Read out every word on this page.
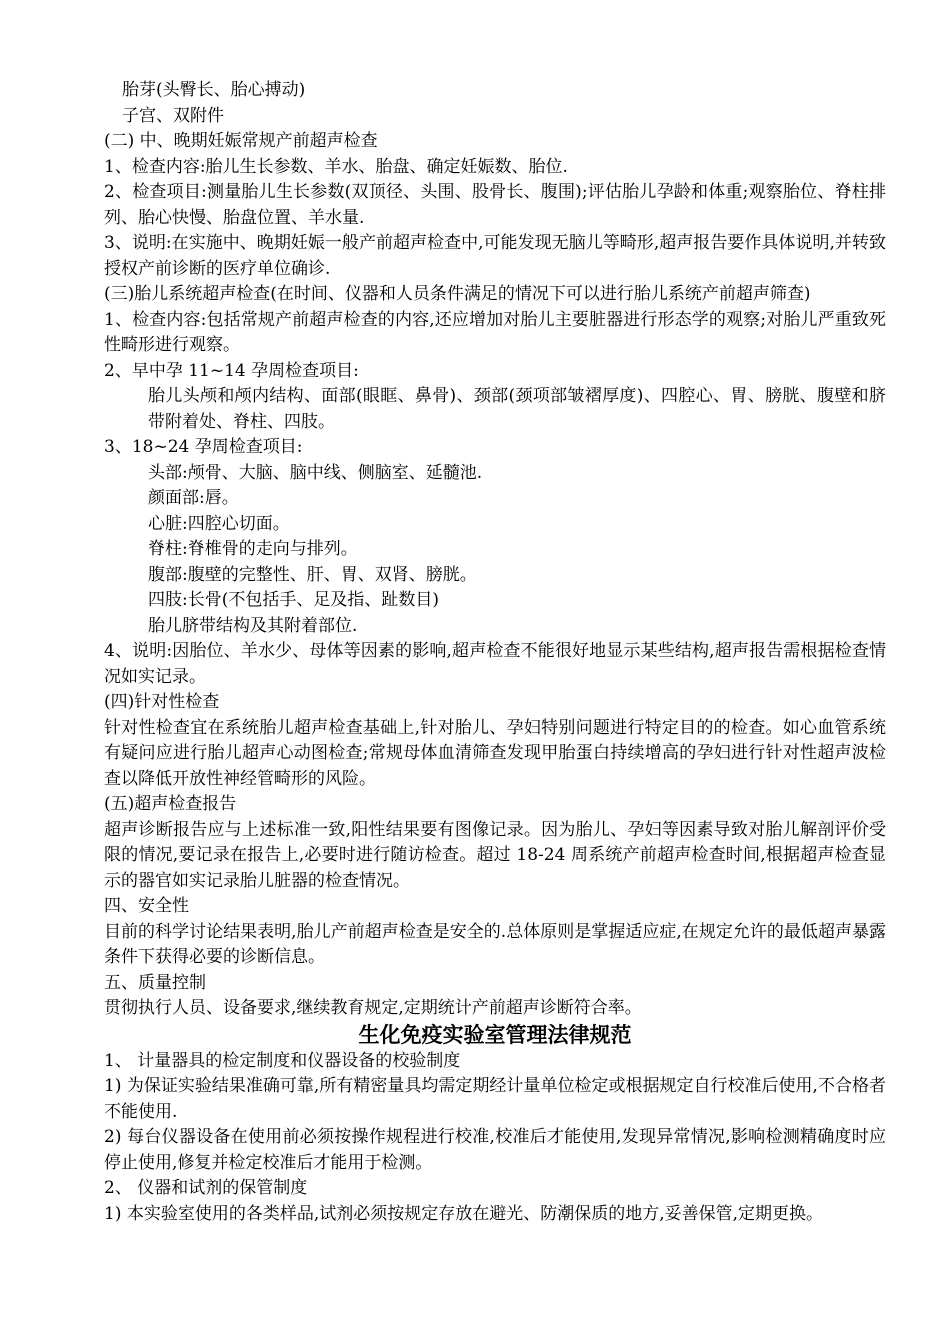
胎芽(头臀长、胎心搏动)

子宫、双附件

(二) 中、晚期妊娠常规产前超声检查

1、检查内容:胎儿生长参数、羊水、胎盘、确定妊娠数、胎位.

2、检查项目:测量胎儿生长参数(双顶径、头围、股骨长、腹围);评估胎儿孕龄和体重;观察胎位、脊柱排列、胎心快慢、胎盘位置、羊水量.

3、说明:在实施中、晚期妊娠一般产前超声检查中,可能发现无脑儿等畸形,超声报告要作具体说明,并转致授权产前诊断的医疗单位确诊.

(三)胎儿系统超声检查(在时间、仪器和人员条件满足的情况下可以进行胎儿系统产前超声筛查)

1、检查内容:包括常规产前超声检查的内容,还应增加对胎儿主要脏器进行形态学的观察;对胎儿严重致死性畸形进行观察。

2、早中孕 11~14 孕周检查项目:

胎儿头颅和颅内结构、面部(眼眶、鼻骨)、颈部(颈项部皱褶厚度)、四腔心、胃、膀胱、腹壁和脐带附着处、脊柱、四肢。

3、18~24 孕周检查项目:

头部:颅骨、大脑、脑中线、侧脑室、延髓池.

颜面部:唇。

心脏:四腔心切面。

脊柱:脊椎骨的走向与排列。

腹部:腹壁的完整性、肝、胃、双肾、膀胱。

四肢:长骨(不包括手、足及指、趾数目)

胎儿脐带结构及其附着部位.

4、说明:因胎位、羊水少、母体等因素的影响,超声检查不能很好地显示某些结构,超声报告需根据检查情况如实记录。

(四)针对性检查

针对性检查宜在系统胎儿超声检查基础上,针对胎儿、孕妇特别问题进行特定目的的检查。如心血管系统有疑问应进行胎儿超声心动图检查;常规母体血清筛查发现甲胎蛋白持续增高的孕妇进行针对性超声波检查以降低开放性神经管畸形的风险。

(五)超声检查报告

超声诊断报告应与上述标准一致,阳性结果要有图像记录。因为胎儿、孕妇等因素导致对胎儿解剖评价受限的情况,要记录在报告上,必要时进行随访检查。超过 18-24 周系统产前超声检查时间,根据超声检查显示的器官如实记录胎儿脏器的检查情况。

四、安全性

目前的科学讨论结果表明,胎儿产前超声检查是安全的.总体原则是掌握适应症,在规定允许的最低超声暴露条件下获得必要的诊断信息。

五、质量控制

贯彻执行人员、设备要求,继续教育规定,定期统计产前超声诊断符合率。

生化免疫实验室管理法律规范

1、 计量器具的检定制度和仪器设备的校验制度

1) 为保证实验结果准确可靠,所有精密量具均需定期经计量单位检定或根据规定自行校准后使用,不合格者不能使用.

2) 每台仪器设备在使用前必须按操作规程进行校准,校准后才能使用,发现异常情况,影响检测精确度时应停止使用,修复并检定校准后才能用于检测。

2、 仪器和试剂的保管制度

1) 本实验室使用的各类样品,试剂必须按规定存放在避光、防潮保质的地方,妥善保管,定期更换。
